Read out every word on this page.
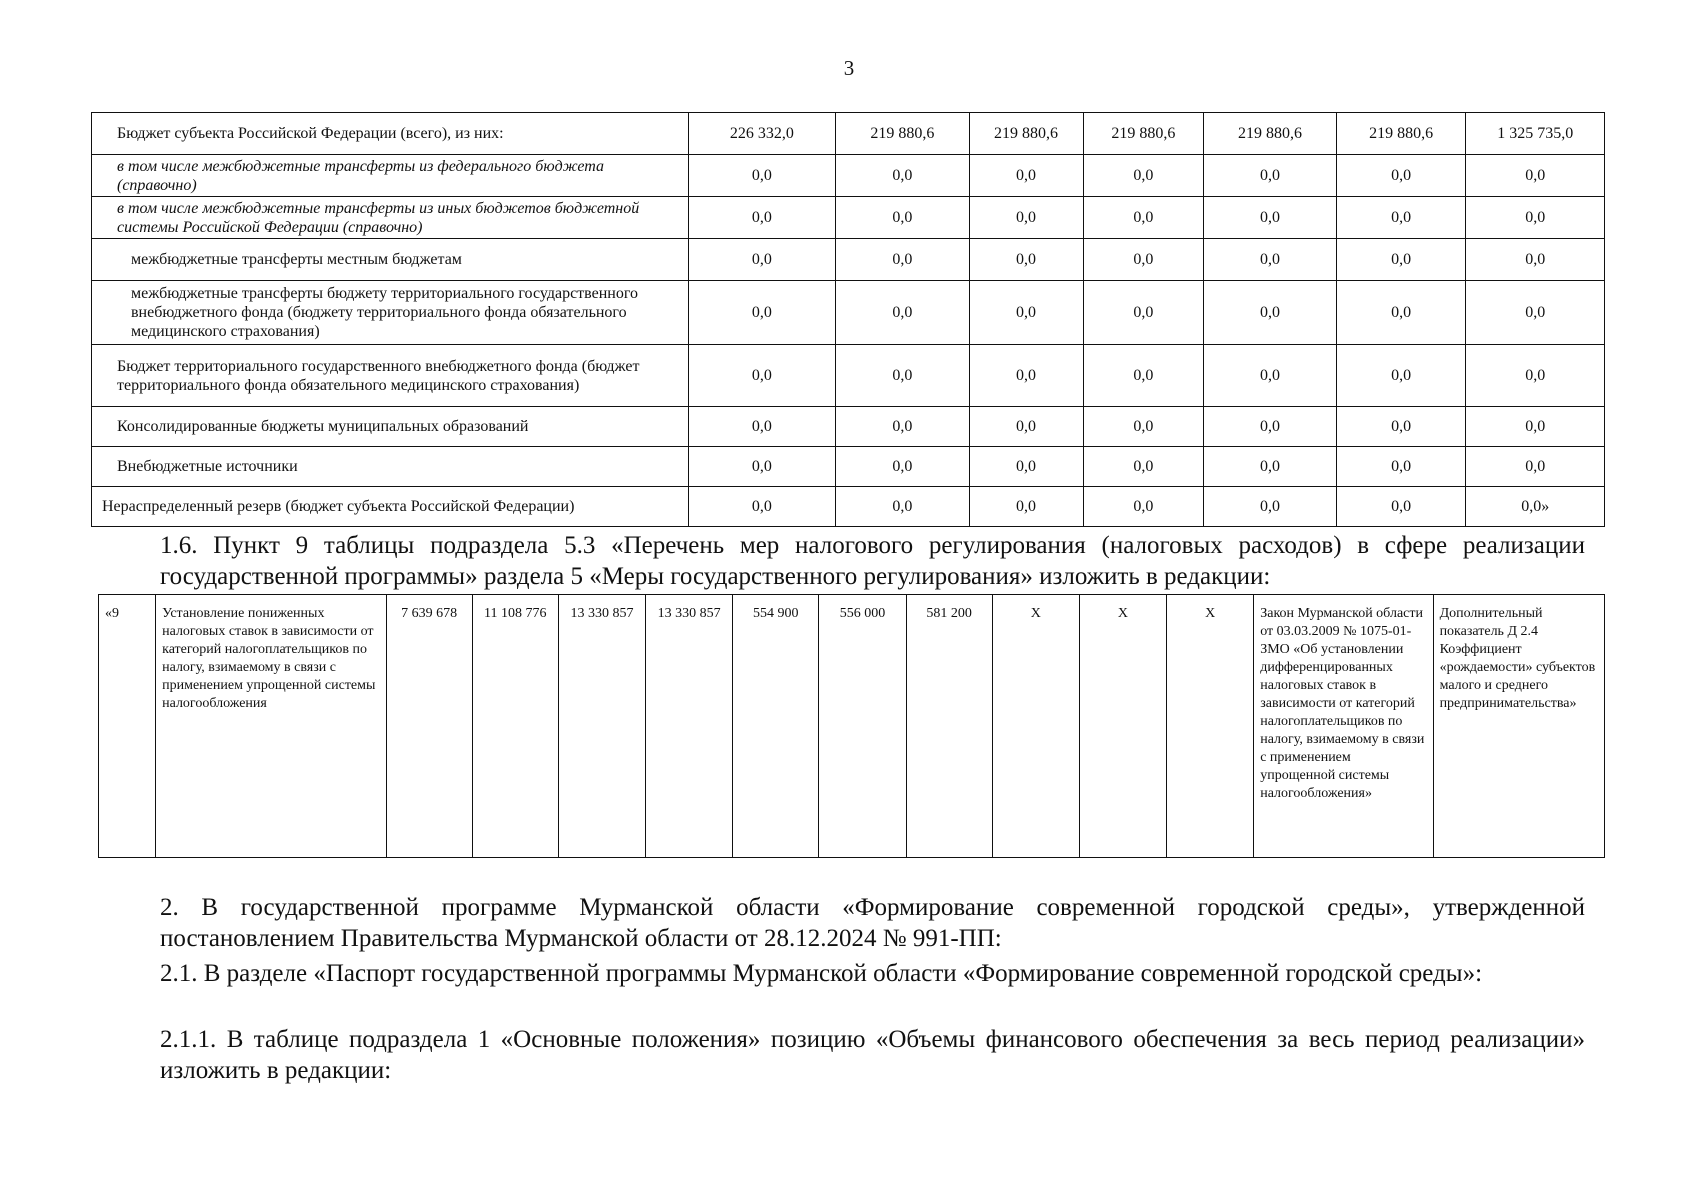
3
Бюджет субъекта Российской Федерации (всего), из них:	226 332,0	219 880,6	219 880,6	219 880,6	219 880,6	219 880,6	1 325 735,0
в том числе межбюджетные трансферты из федерального бюджета (справочно)	0,0	0,0	0,0	0,0	0,0	0,0	0,0
в том числе межбюджетные трансферты из иных бюджетов бюджетной системы Российской Федерации (справочно)	0,0	0,0	0,0	0,0	0,0	0,0	0,0
межбюджетные трансферты местным бюджетам	0,0	0,0	0,0	0,0	0,0	0,0	0,0
межбюджетные трансферты бюджету территориального государственного внебюджетного фонда (бюджету территориального фонда обязательного медицинского страхования)	0,0	0,0	0,0	0,0	0,0	0,0	0,0
Бюджет территориального государственного внебюджетного фонда (бюджет территориального фонда обязательного медицинского страхования)	0,0	0,0	0,0	0,0	0,0	0,0	0,0
Консолидированные бюджеты муниципальных образований	0,0	0,0	0,0	0,0	0,0	0,0	0,0
Внебюджетные источники	0,0	0,0	0,0	0,0	0,0	0,0	0,0
Нераспределенный резерв (бюджет субъекта Российской Федерации)	0,0	0,0	0,0	0,0	0,0	0,0	0,0»
1.6. Пункт 9 таблицы подраздела 5.3 «Перечень мер налогового регулирования (налоговых расходов) в сфере реализации государственной программы» раздела 5 «Меры государственного регулирования» изложить в редакции:
«9	Установление пониженных налоговых ставок в зависимости от категорий налогоплательщиков по налогу, взимаемому в связи с применением упрощенной системы налогообложения	7 639 678	11 108 776	13 330 857	13 330 857	554 900	556 000	581 200	Х	Х	Х	Закон Мурманской области от 03.03.2009 № 1075-01-ЗМО «Об установлении дифференцированных налоговых ставок в зависимости от категорий налогоплательщиков по налогу, взимаемому в связи с применением упрощенной системы налогообложения»	Дополнительный показатель Д 2.4 Коэффициент «рождаемости» субъектов малого и среднего предпринимательства»
2. В государственной программе Мурманской области «Формирование современной городской среды», утвержденной постановлением Правительства Мурманской области от 28.12.2024 № 991-ПП:
2.1. В разделе «Паспорт государственной программы Мурманской области «Формирование современной городской среды»:
2.1.1. В таблице подраздела 1 «Основные положения» позицию «Объемы финансового обеспечения за весь период реализации» изложить в редакции:
